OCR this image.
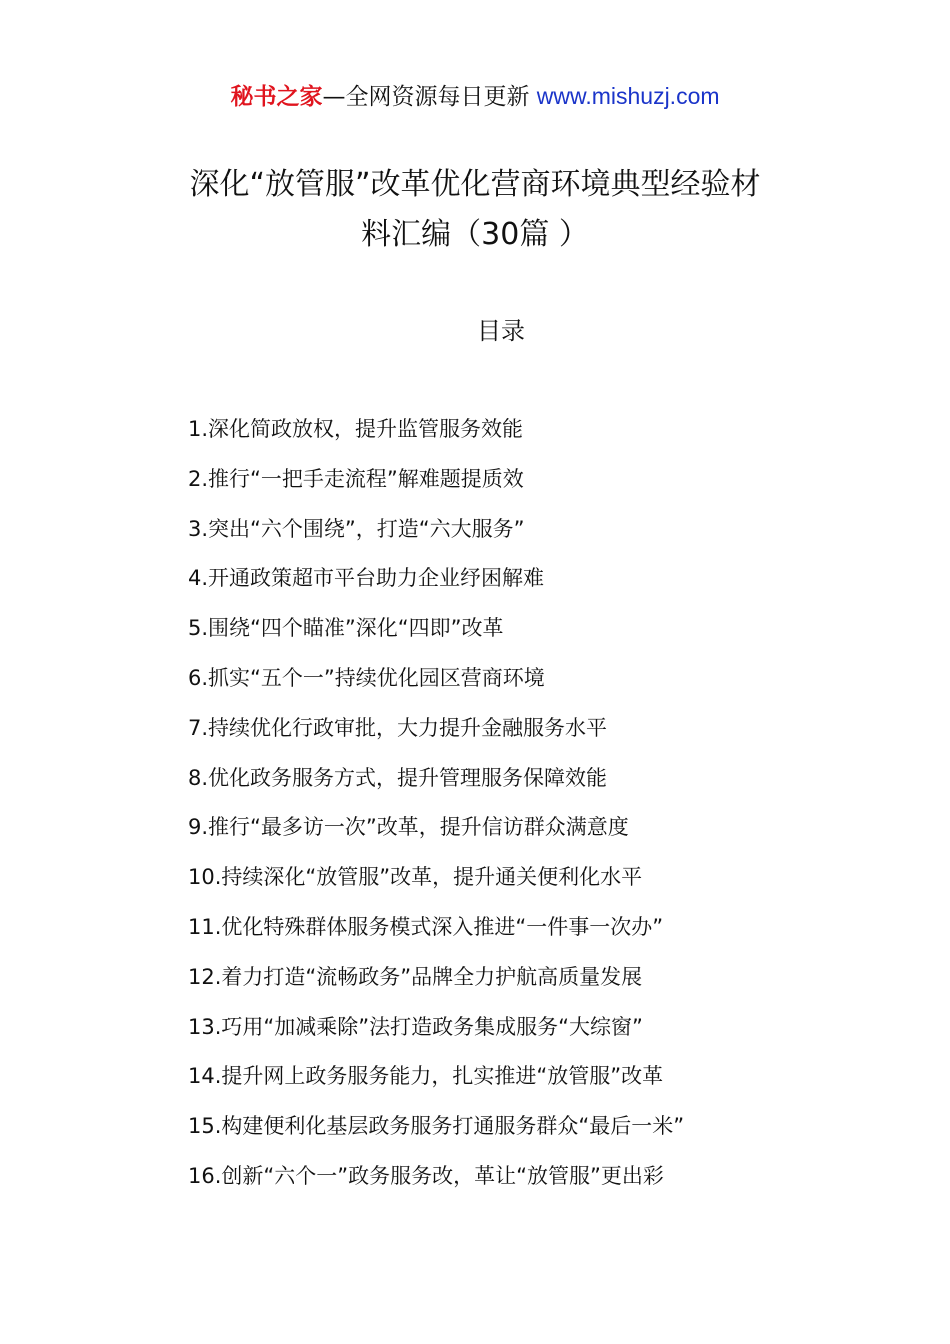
秘书之家—全网资源每日更新 www.mishuzj.com
深化“放管服”改革优化营商环境典型经验材
料汇编（30篇 ）
目录
1.深化简政放权，提升监管服务效能
2.推行“一把手走流程”解难题提质效
3.突出“六个围绕”，打造“六大服务”
4.开通政策超市平台助力企业纾困解难
5.围绕“四个瞄准”深化“四即”改革
6.抓实“五个一”持续优化园区营商环境
7.持续优化行政审批，大力提升金融服务水平
8.优化政务服务方式，提升管理服务保障效能
9.推行“最多访一次”改革，提升信访群众满意度
10.持续深化“放管服”改革，提升通关便利化水平
11.优化特殊群体服务模式深入推进“一件事一次办”
12.着力打造“流畅政务”品牌全力护航高质量发展
13.巧用“加减乘除”法打造政务集成服务“大综窗”
14.提升网上政务服务能力，扎实推进“放管服”改革
15.构建便利化基层政务服务打通服务群众“最后一米”
16.创新“六个一”政务服务改，革让“放管服”更出彩
